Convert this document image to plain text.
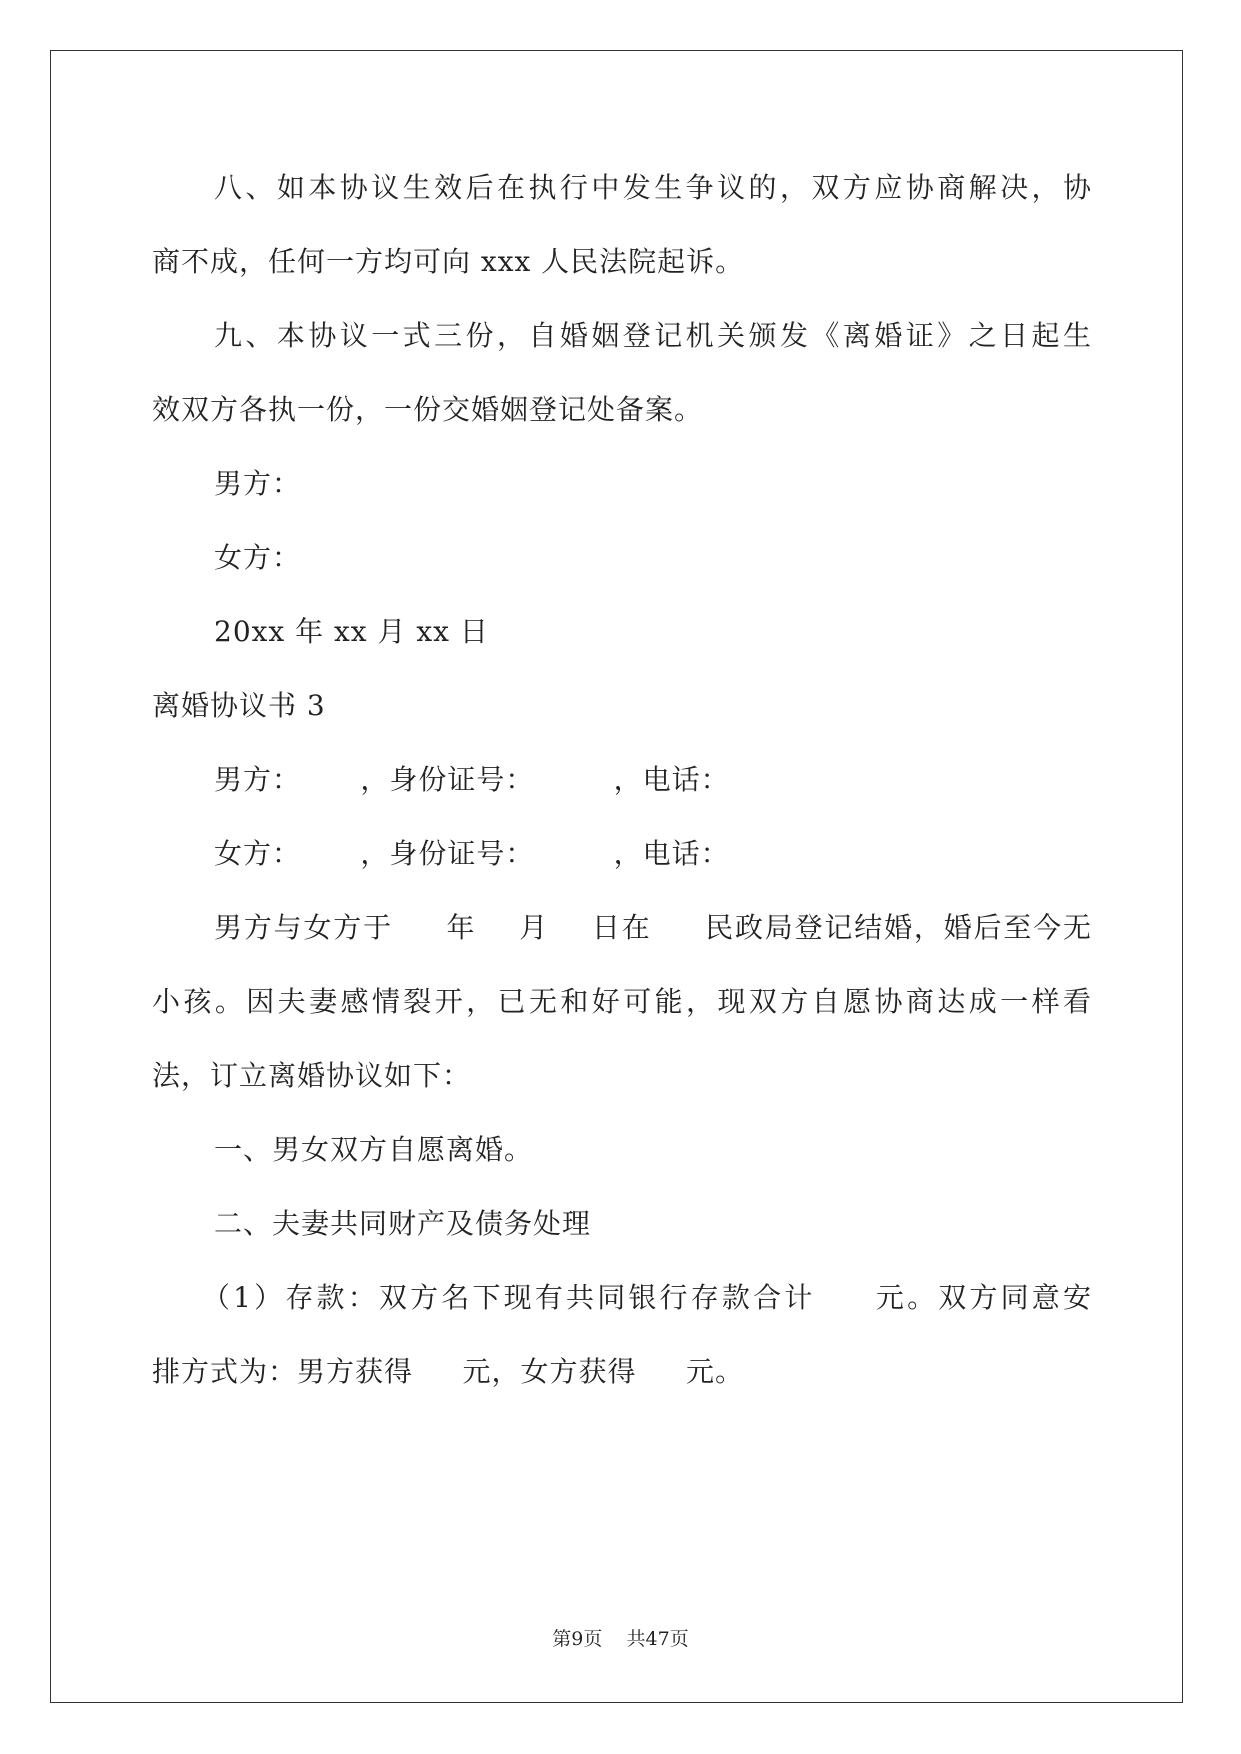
八、如本协议生效后在执行中发生争议的，双方应协商解决，协
商不成，任何一方均可向 xxx 人民法院起诉。
九、本协议一式三份，自婚姻登记机关颁发《离婚证》之日起生
效双方各执一份，一份交婚姻登记处备案。
男方：
女方：
20xx 年 xx 月 xx 日
离婚协议书 3
男方：      ，身份证号：        ，电话：
女方：      ，身份证号：        ，电话：
男方与女方于     年    月    日在     民政局登记结婚，婚后至今无
小孩。因夫妻感情裂开，已无和好可能，现双方自愿协商达成一样看
法，订立离婚协议如下：
一、男女双方自愿离婚。
二、夫妻共同财产及债务处理
（1）存款：双方名下现有共同银行存款合计     元。双方同意安
排方式为：男方获得     元，女方获得     元。
第9页 共47页
